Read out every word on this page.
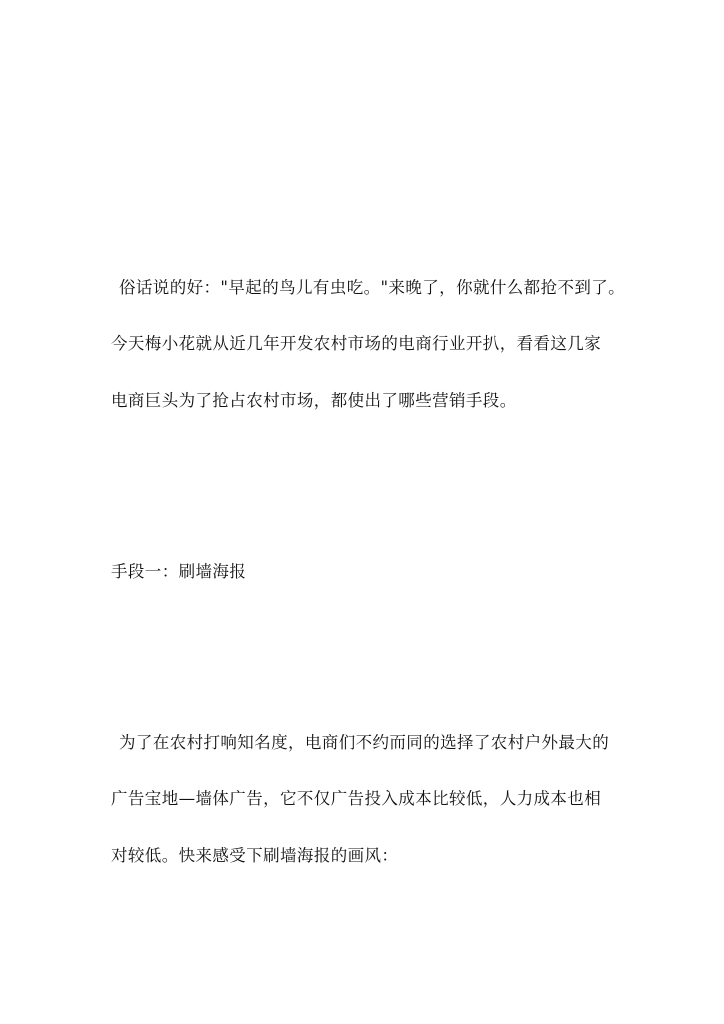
俗话说的好："早起的鸟儿有虫吃。"来晚了，你就什么都抢不到了。
今天梅小花就从近几年开发农村市场的电商行业开扒，看看这几家
电商巨头为了抢占农村市场，都使出了哪些营销手段。
手段一：刷墙海报
为了在农村打响知名度，电商们不约而同的选择了农村户外最大的
广告宝地—墙体广告，它不仅广告投入成本比较低，人力成本也相
对较低。快来感受下刷墙海报的画风：
